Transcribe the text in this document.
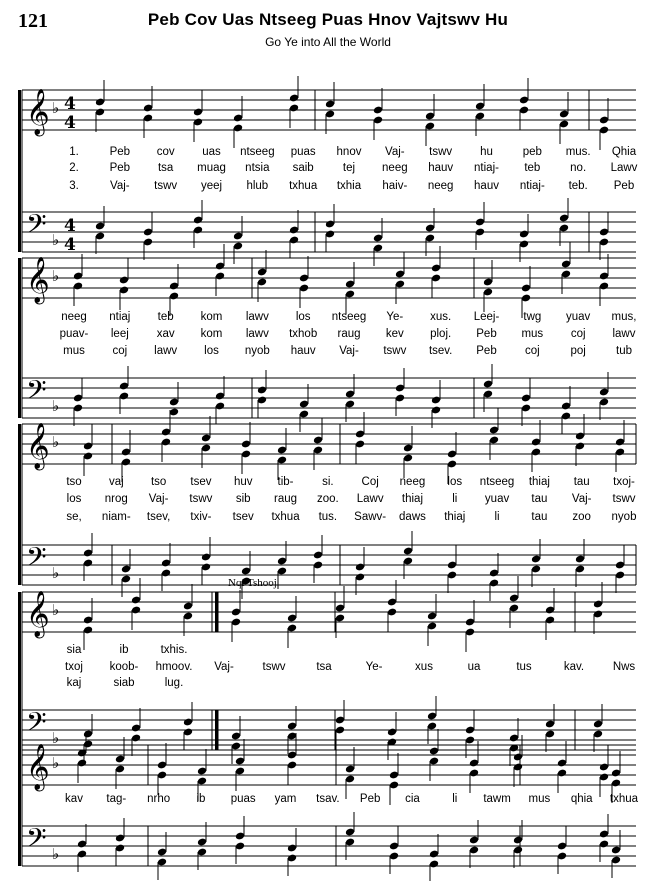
121	Peb Cov Uas Ntseeg Puas Hnov Vajtswv Hu
Go Ye into All the World
𝄞
𝄢
♭
♭
4
4
4
4
1.	Peb cov uas ntseeg puas hnov Vaj- tswv hu	peb mus. Qhia
2.	Peb tsa muag ntsia saib	tej neeg hauv ntiaj- teb	no. Lawv
3.	Vaj- tswv yeej hlub txhua txhia haiv- neeg hauv ntiaj- teb. Peb
𝄞
𝄢
♭
♭
neeg ntiaj teb kom lawv los ntseeg Ye- xus. Leej- twg yuav mus,
puav- leej xav kom lawv txhob raug kev ploj. Peb mus coj lawv
mus coj lawv los nyob hauv Vaj- tswv tsev. Peb coj	poj	tub
𝄞
𝄢
♭
♭
tso vaj tso tsev huv tib- si. Coj neeg los ntseeg thiaj tau txoj-
los nrog Vaj- tswv sib raug zoo. Lawv thiaj	li yuav tau Vaj- tswv
se, niam- tsev, txiv- tsev txhua tus. Sawv- daws thiaj	li	tau zoo nyob
𝄞
𝄢
♭
♭
sia	ib	txhis.
txoj koob- hmoov. Vaj- tswv	tsa	Ye-	xus	ua	tus	kav. Nws
kaj	siab	lug.
𝄞
𝄢
♭
♭
kav tag- nrho ib puas yam tsav. Peb cia	li tawm mus qhia txhua
Nqi Tshooj
